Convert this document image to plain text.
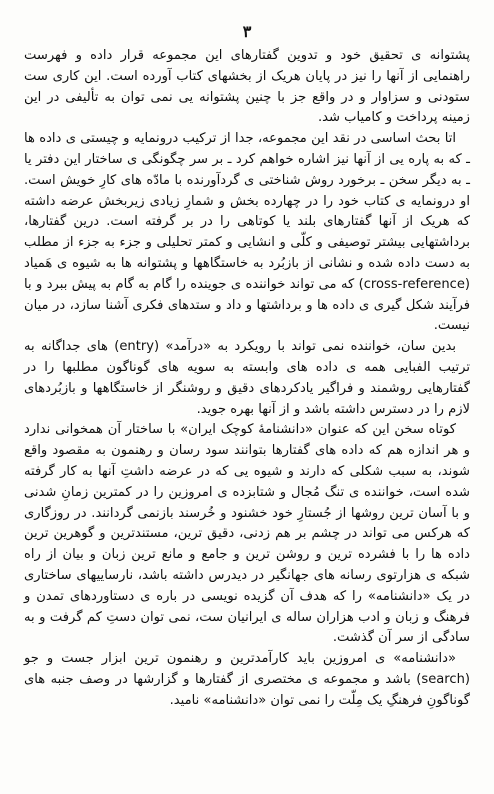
۳

پشتوانه ی تحقیق خود و تدوین گفتارهای این مجموعه قرار داده و فهرست راهنمایی از آنها را نیز در پایان هریک از بخشهای کتاب آورده است. این کاری ست ستودنی و سزاوار و در واقع جز با چنین پشتوانه یی نمی توان به تألیفی در این زمینه پرداخت و کامیاب شد.

اتا بحث اساسی در نقد این مجموعه، جدا از ترکیب درونمایه و چیستی ی داده ها ـ که به پاره یی از آنها نیز اشاره خواهم کرد ـ بر سر چگونگی ی ساختار این دفتر یا ـ به دیگر سخن ـ برخورد روش شناختی ی گردآورنده با مادّه های کارِ خویش است. او درونمایه ی کتاب خود را در چهارده بخش و شمارِ زیادی زیربخش عرضه داشته که هریک از آنها گفتارهای بلند یا کوتاهی را در بر گرفته است. درین گفتارها، برداشتهایی بیشتر توصیفی و کلّی و انشایی و کمتر تحلیلی و جزء به جزء از مطلب به دست داده شده و نشانی از بازبُرد به خاستگاهها و پشتوانه ها به شیوه ی هَمیاد (cross-reference) که می تواند خواننده ی جوینده را گام به گام به پیش ببرد و با فرآیند شکل گیری ی داده ها و برداشتها و داد و ستدهای فکری آشنا سازد، در میان نیست.

بدین سان، خواننده نمی تواند با رویکرد به «درآمد» (entry) های جداگانه به ترتیب الفبایی همه ی داده های وابسته به سویه های گوناگون مطلبها را در گفتارهایی روشمند و فراگیر یادکردهای دقیق و روشنگر از خاستگاهها و بازبُردهای لازم را در دسترس داشته باشد و از آنها بهره جوید.

کوتاه سخن این که عنوان «دانشنامۀ کوچک ایران» با ساختار آن همخوانی ندارد و هر اندازه هم که داده های گفتارها بتوانند سود رسان و رهنمون به مقصود واقع شوند، به سبب شکلی که دارند و شیوه یی که در عرضه داشتِ آنها به کار گرفته شده است، خواننده ی تنگ مُجال و شتابزده ی امروزین را در کمترین زمانِ شدنی و با آسان ترین روشها از جُستارِ خود خشنود و خُرسند بازنمی گردانند. در روزگاری که هرکس می تواند در چشم بر هم زدنی، دقیق ترین، مستندترین و گوهرین ترین داده ها را با فشرده ترین و روشن ترین و جامع و مانع ترین زبان و بیان از راه شبکه ی هزارتوی رسانه های جهانگیر در دیدرس داشته باشد، نارساییهای ساختاری در یک «دانشنامه» را که هدف آن گزیده نویسی در باره ی دستاوردهای تمدن و فرهنگ و زبان و ادب هزاران ساله ی ایرانیان ست، نمی توان دستِ کم گرفت و به سادگی از سر آن گذشت.

«دانشنامه» ی امروزین باید کارآمدترین و رهنمون ترین ابزار جست و جو (search) باشد و مجموعه ی مختصری از گفتارها و گزارشها در وصف جنبه های گوناگونِ فرهنگِ یک مِلّت را نمی توان «دانشنامه» نامید.
